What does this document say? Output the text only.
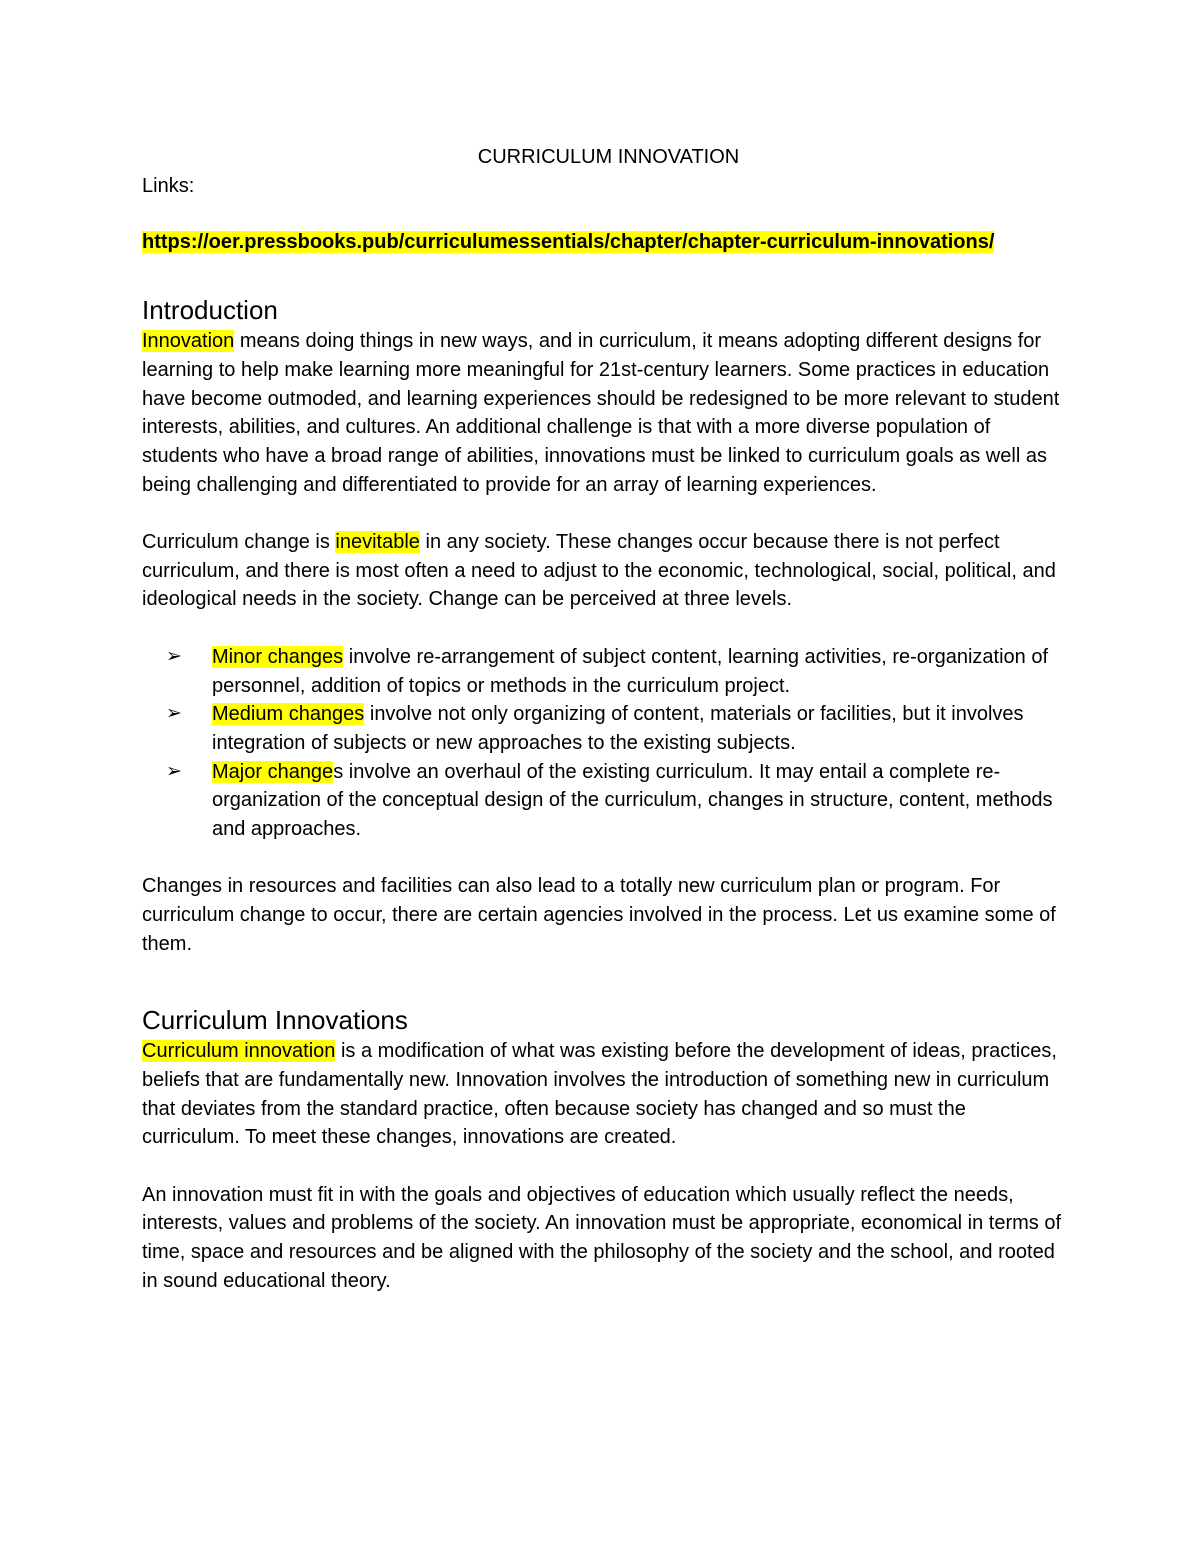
CURRICULUM INNOVATION

Links:

https://oer.pressbooks.pub/curriculumessentials/chapter/chapter-curriculum-innovations/

Introduction

Innovation means doing things in new ways, and in curriculum, it means adopting different designs for learning to help make learning more meaningful for 21st-century learners. Some practices in education have become outmoded, and learning experiences should be redesigned to be more relevant to student interests, abilities, and cultures. An additional challenge is that with a more diverse population of students who have a broad range of abilities, innovations must be linked to curriculum goals as well as being challenging and differentiated to provide for an array of learning experiences.

Curriculum change is inevitable in any society. These changes occur because there is not perfect curriculum, and there is most often a need to adjust to the economic, technological, social, political, and ideological needs in the society. Change can be perceived at three levels.

➢ Minor changes involve re-arrangement of subject content, learning activities, re-organization of personnel, addition of topics or methods in the curriculum project.
➢ Medium changes involve not only organizing of content, materials or facilities, but it involves integration of subjects or new approaches to the existing subjects.
➢ Major changes involve an overhaul of the existing curriculum. It may entail a complete re-organization of the conceptual design of the curriculum, changes in structure, content, methods and approaches.

Changes in resources and facilities can also lead to a totally new curriculum plan or program. For curriculum change to occur, there are certain agencies involved in the process. Let us examine some of them.

Curriculum Innovations

Curriculum innovation is a modification of what was existing before the development of ideas, practices, beliefs that are fundamentally new. Innovation involves the introduction of something new in curriculum that deviates from the standard practice, often because society has changed and so must the curriculum. To meet these changes, innovations are created.

An innovation must fit in with the goals and objectives of education which usually reflect the needs, interests, values and problems of the society. An innovation must be appropriate, economical in terms of time, space and resources and be aligned with the philosophy of the society and the school, and rooted in sound educational theory.
